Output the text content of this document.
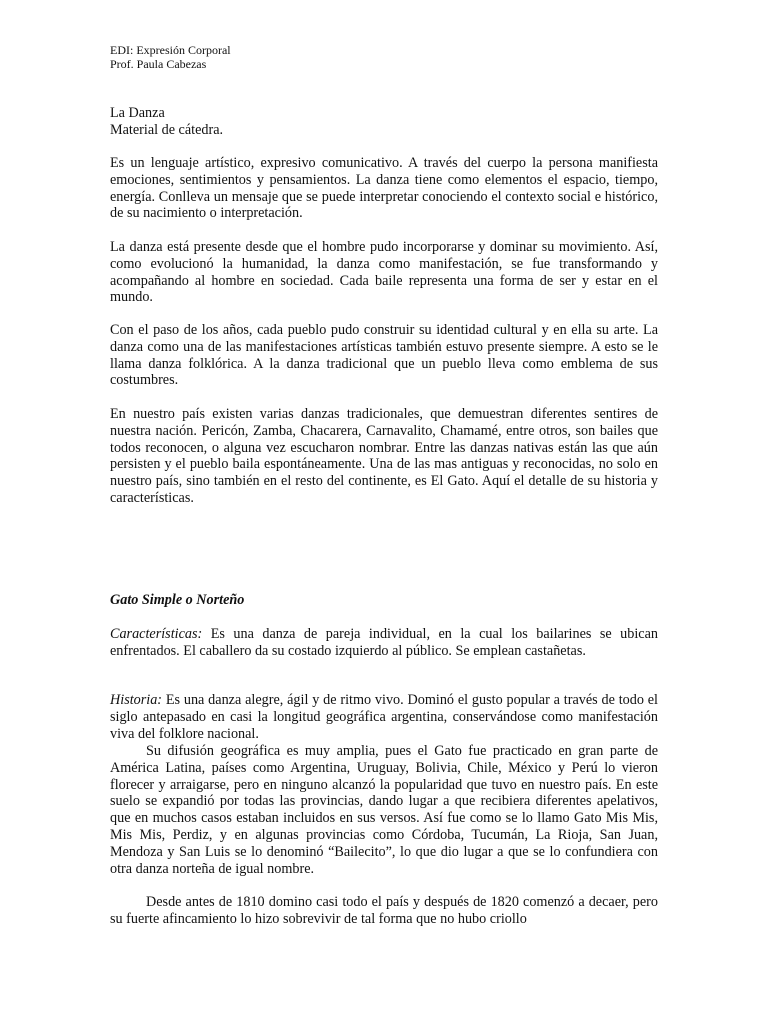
EDI: Expresión Corporal
Prof. Paula Cabezas
La Danza
Material de cátedra.

Es un lenguaje artístico, expresivo comunicativo. A través del cuerpo la persona manifiesta emociones, sentimientos y pensamientos. La danza tiene como elementos el espacio, tiempo, energía. Conlleva un mensaje que se puede interpretar conociendo el contexto social e histórico, de su nacimiento o interpretación.

La danza está presente desde que el hombre pudo incorporarse y dominar su movimiento. Así, como evolucionó la humanidad, la danza como manifestación, se fue transformando y acompañando al hombre en sociedad. Cada baile representa una forma de ser y estar en el mundo.

Con el paso de los años, cada pueblo pudo construir su identidad cultural y en ella su arte. La danza como una de las manifestaciones artísticas también estuvo presente siempre. A esto se le llama danza folklórica. A la danza tradicional que un pueblo lleva como emblema de sus costumbres.

En nuestro país existen varias danzas tradicionales, que demuestran diferentes sentires de nuestra nación. Pericón, Zamba, Chacarera, Carnavalito, Chamamé, entre otros, son bailes que todos reconocen, o alguna vez escucharon nombrar. Entre las danzas nativas están las que aún persisten y el pueblo baila espontáneamente. Una de las mas antiguas y reconocidas, no solo en nuestro país, sino también en el resto del continente, es El Gato. Aquí el detalle de su historia y características.

Gato Simple o Norteño

Características: Es una danza de pareja individual, en la cual los bailarines se ubican enfrentados. El caballero da su costado izquierdo al público. Se emplean castañetas.

Historia: Es una danza alegre, ágil y de ritmo vivo. Dominó el gusto popular a través de todo el siglo antepasado en casi la longitud geográfica argentina, conservándose como manifestación viva del folklore nacional.

Su difusión geográfica es muy amplia, pues el Gato fue practicado en gran parte de América Latina, países como Argentina, Uruguay, Bolivia, Chile, México y Perú lo vieron florecer y arraigarse, pero en ninguno alcanzó la popularidad que tuvo en nuestro país. En este suelo se expandió por todas las provincias, dando lugar a que recibiera diferentes apelativos, que en muchos casos estaban incluidos en sus versos. Así fue como se lo llamo Gato Mis Mis, Mis Mis, Perdiz, y en algunas provincias como Córdoba, Tucumán, La Rioja, San Juan, Mendoza y San Luis se lo denominó “Bailecito”, lo que dio lugar a que se lo confundiera con otra danza norteña de igual nombre.

Desde antes de 1810 domino casi todo el país y después de 1820 comenzó a decaer, pero su fuerte afincamiento lo hizo sobrevivir de tal forma que no hubo criollo
